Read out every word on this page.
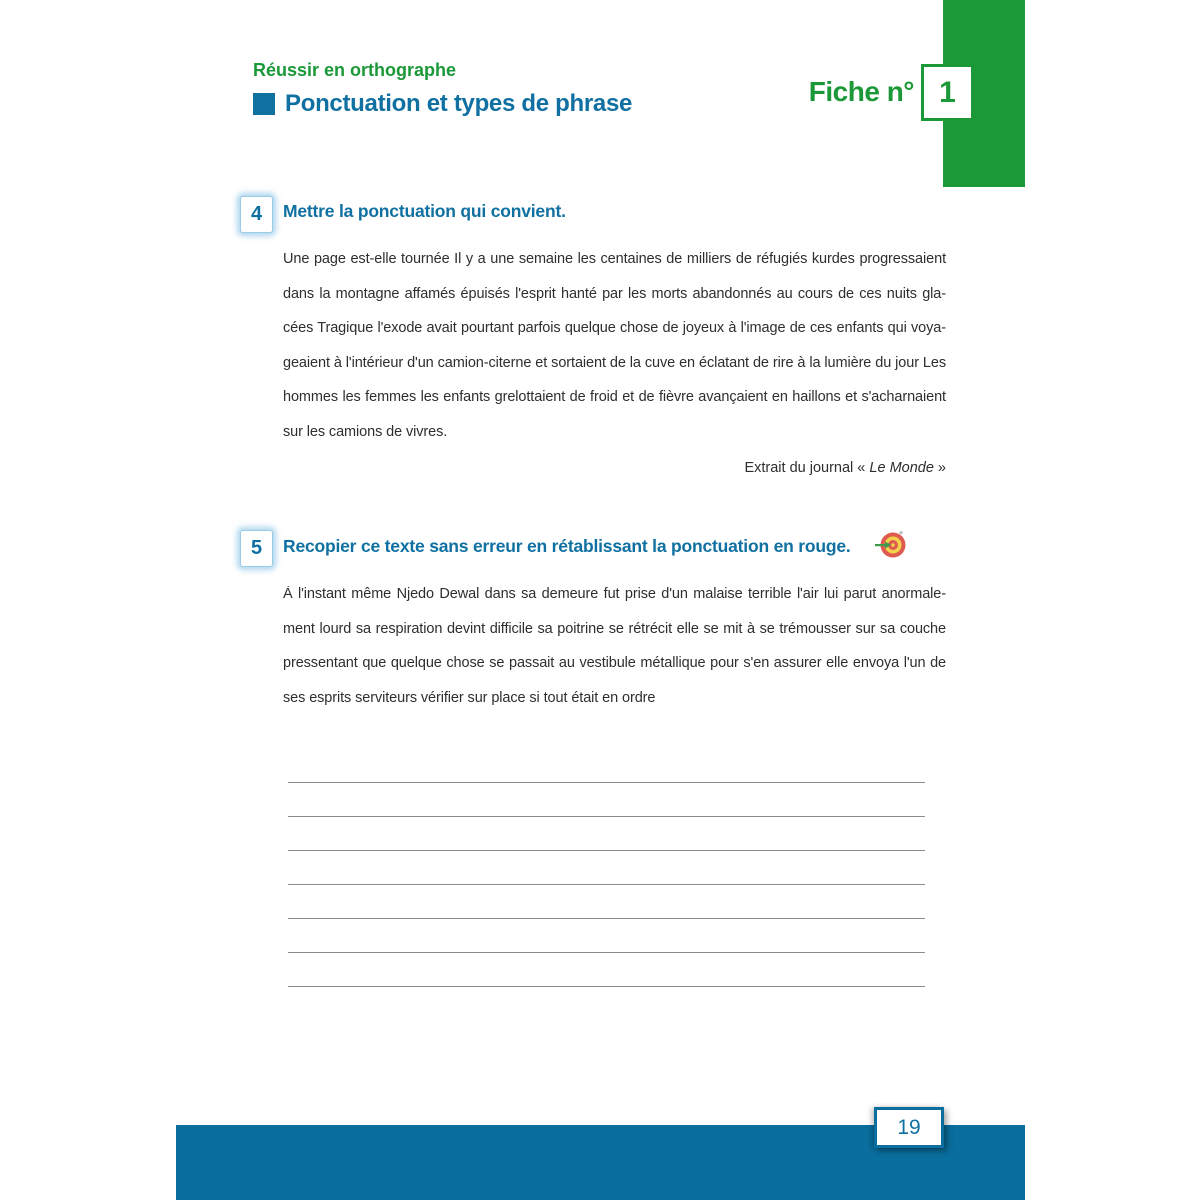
Réussir en orthographe
Ponctuation et types de phrase	Fiche n° 1
4 Mettre la ponctuation qui convient.
Une page est-elle tournée Il y a une semaine les centaines de milliers de réfugiés kurdes progressaient
dans la montagne affamés épuisés l'esprit hanté par les morts abandonnés au cours de ces nuits gla-
cées Tragique l'exode avait pourtant parfois quelque chose de joyeux à l'image de ces enfants qui voya-
geaient à l'intérieur d'un camion-citerne et sortaient de la cuve en éclatant de rire à la lumière du jour Les
hommes les femmes les enfants grelottaient de froid et de fièvre avançaient en haillons et s'acharnaient
sur les camions de vivres.
Extrait du journal « Le Monde »
5 Recopier ce texte sans erreur en rétablissant la ponctuation en rouge.
À l'instant même Njedo Dewal dans sa demeure fut prise d'un malaise terrible l'air lui parut anormale-
ment lourd sa respiration devint difficile sa poitrine se rétrécit elle se mit à se trémousser sur sa couche
pressentant que quelque chose se passait au vestibule métallique pour s'en assurer elle envoya l'un de
ses esprits serviteurs vérifier sur place si tout était en ordre
19
